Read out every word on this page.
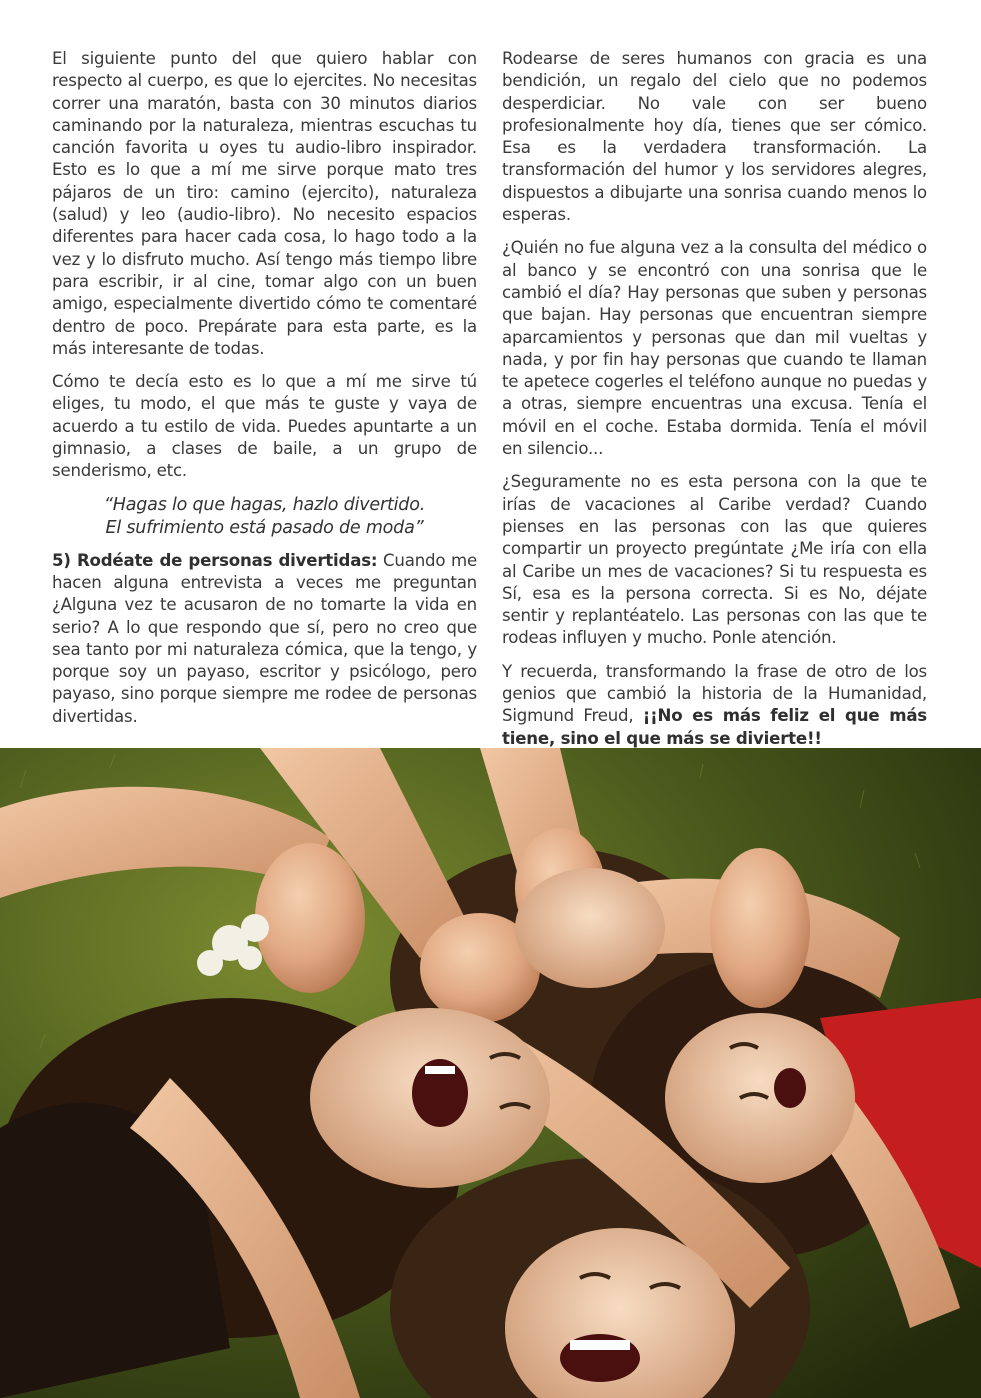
El siguiente punto del que quiero hablar con respecto al cuerpo, es que lo ejercites. No necesitas correr una maratón, basta con 30 minutos diarios caminando por la naturaleza, mientras escuchas tu canción favorita u oyes tu audio-libro inspirador. Esto es lo que a mí me sirve porque mato tres pájaros de un tiro: camino (ejercito), naturaleza (salud) y leo (audio-libro). No necesito espacios diferentes para hacer cada cosa, lo hago todo a la vez y lo disfruto mucho. Así tengo más tiempo libre para escribir, ir al cine, tomar algo con un buen amigo, especialmente divertido cómo te comentaré dentro de poco. Prepárate para esta parte, es la más interesante de todas.

Cómo te decía esto es lo que a mí me sirve tú eliges, tu modo, el que más te guste y vaya de acuerdo a tu estilo de vida. Puedes apuntarte a un gimnasio, a clases de baile, a un grupo de senderismo, etc.

“Hagas lo que hagas, hazlo divertido.
El sufrimiento está pasado de moda”

5) Rodéate de personas divertidas: Cuando me hacen alguna entrevista a veces me preguntan ¿Alguna vez te acusaron de no tomarte la vida en serio? A lo que respondo que sí, pero no creo que sea tanto por mi naturaleza cómica, que la tengo, y porque soy un payaso, escritor y psicólogo, pero payaso, sino porque siempre me rodee de personas divertidas.

Rodearse de seres humanos con gracia es una bendición, un regalo del cielo que no podemos desperdiciar. No vale con ser bueno profesionalmente hoy día, tienes que ser cómico. Esa es la verdadera transformación. La transformación del humor y los servidores alegres, dispuestos a dibujarte una sonrisa cuando menos lo esperas.

¿Quién no fue alguna vez a la consulta del médico o al banco y se encontró con una sonrisa que le cambió el día? Hay personas que suben y personas que bajan. Hay personas que encuentran siempre aparcamientos y personas que dan mil vueltas y nada, y por fin hay personas que cuando te llaman te apetece cogerles el teléfono aunque no puedas y a otras, siempre encuentras una excusa. Tenía el móvil en el coche. Estaba dormida. Tenía el móvil en silencio...

¿Seguramente no es esta persona con la que te irías de vacaciones al Caribe verdad? Cuando pienses en las personas con las que quieres compartir un proyecto pregúntate ¿Me iría con ella al Caribe un mes de vacaciones? Si tu respuesta es Sí, esa es la persona correcta. Si es No, déjate sentir y replantéatelo. Las personas con las que te rodeas influyen y mucho. Ponle atención.

Y recuerda, transformando la frase de otro de los genios que cambió la historia de la Humanidad, Sigmund Freud, ¡¡No es más feliz el que más tiene, sino el que más se divierte!!
